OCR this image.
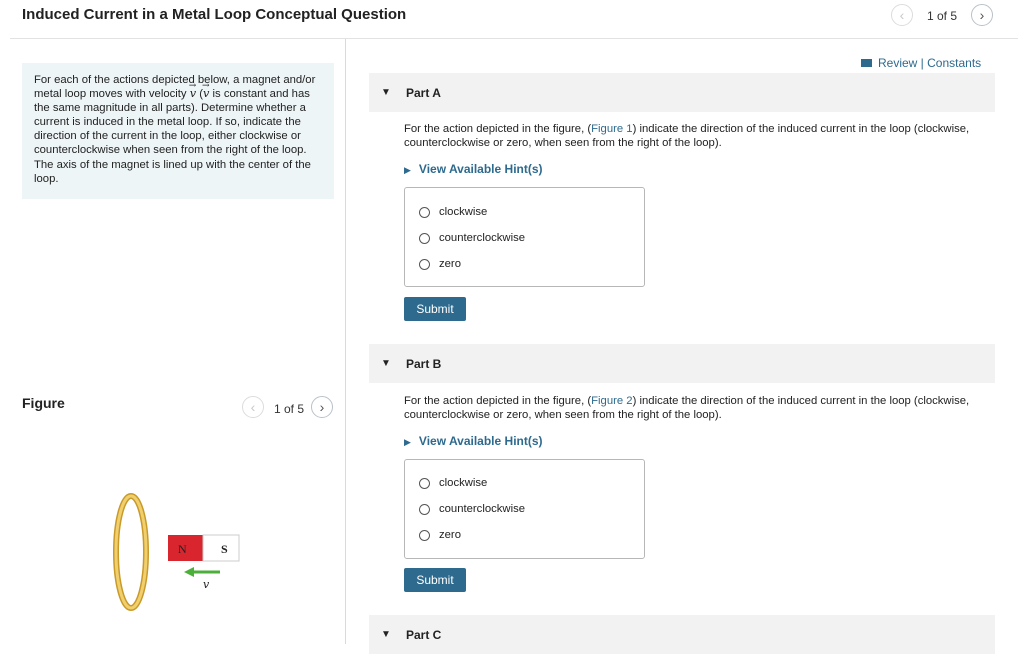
Induced Current in a Metal Loop Conceptual Question	‹ 1 of 5 ›
For each of the actions depicted below, a magnet and/or metal loop moves with velocity → v (→ v is constant and has the same magnitude in all parts). Determine whether a current is induced in the metal loop. If so, indicate the direction of the current in the loop, either clockwise or counterclockwise when seen from the right of the loop. The axis of the magnet is lined up with the center of the loop.
Figure	‹ 1 of 5 ›
N	S
v
Review | Constants
▼ Part A
For the action depicted in the figure, (Figure 1) indicate the direction of the induced current in the loop (clockwise, counterclockwise or zero, when seen from the right of the loop).
▶ View Available Hint(s)
clockwise
counterclockwise
zero
Submit
▼ Part B
For the action depicted in the figure, (Figure 2) indicate the direction of the induced current in the loop (clockwise, counterclockwise or zero, when seen from the right of the loop).
▶ View Available Hint(s)
clockwise
counterclockwise
zero
Submit
▼ Part C
